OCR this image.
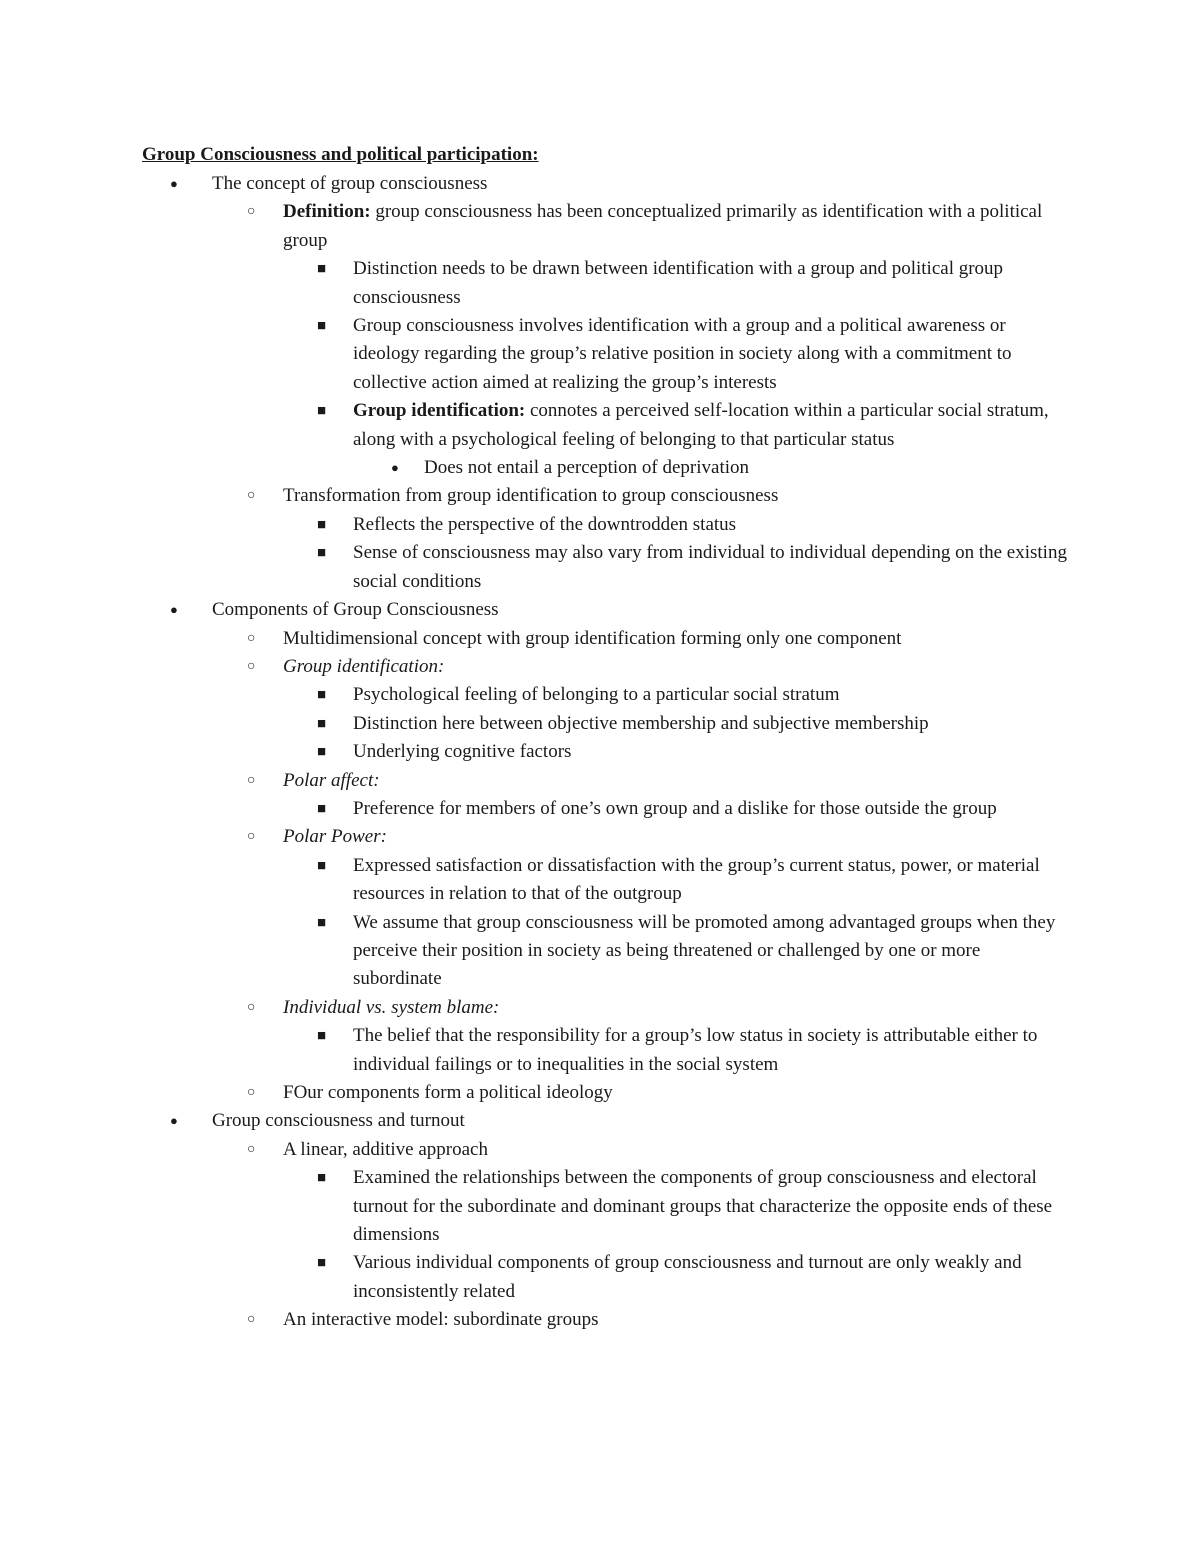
Group Consciousness and political participation:

● The concept of group consciousness
○ Definition: group consciousness has been conceptualized primarily as identification with a political group
■ Distinction needs to be drawn between identification with a group and political group consciousness
■ Group consciousness involves identification with a group and a political awareness or ideology regarding the group’s relative position in society along with a commitment to collective action aimed at realizing the group’s interests
■ Group identification: connotes a perceived self-location within a particular social stratum, along with a psychological feeling of belonging to that particular status
● Does not entail a perception of deprivation
○ Transformation from group identification to group consciousness
■ Reflects the perspective of the downtrodden status
■ Sense of consciousness may also vary from individual to individual depending on the existing social conditions
● Components of Group Consciousness
○ Multidimensional concept with group identification forming only one component
○ Group identification:
■ Psychological feeling of belonging to a particular social stratum
■ Distinction here between objective membership and subjective membership
■ Underlying cognitive factors
○ Polar affect:
■ Preference for members of one’s own group and a dislike for those outside the group
○ Polar Power:
■ Expressed satisfaction or dissatisfaction with the group’s current status, power, or material resources in relation to that of the outgroup
■ We assume that group consciousness will be promoted among advantaged groups when they perceive their position in society as being threatened or challenged by one or more subordinate
○ Individual vs. system blame:
■ The belief that the responsibility for a group’s low status in society is attributable either to individual failings or to inequalities in the social system
○ FOur components form a political ideology
● Group consciousness and turnout
○ A linear, additive approach
■ Examined the relationships between the components of group consciousness and electoral turnout for the subordinate and dominant groups that characterize the opposite ends of these dimensions
■ Various individual components of group consciousness and turnout are only weakly and inconsistently related
○ An interactive model: subordinate groups
